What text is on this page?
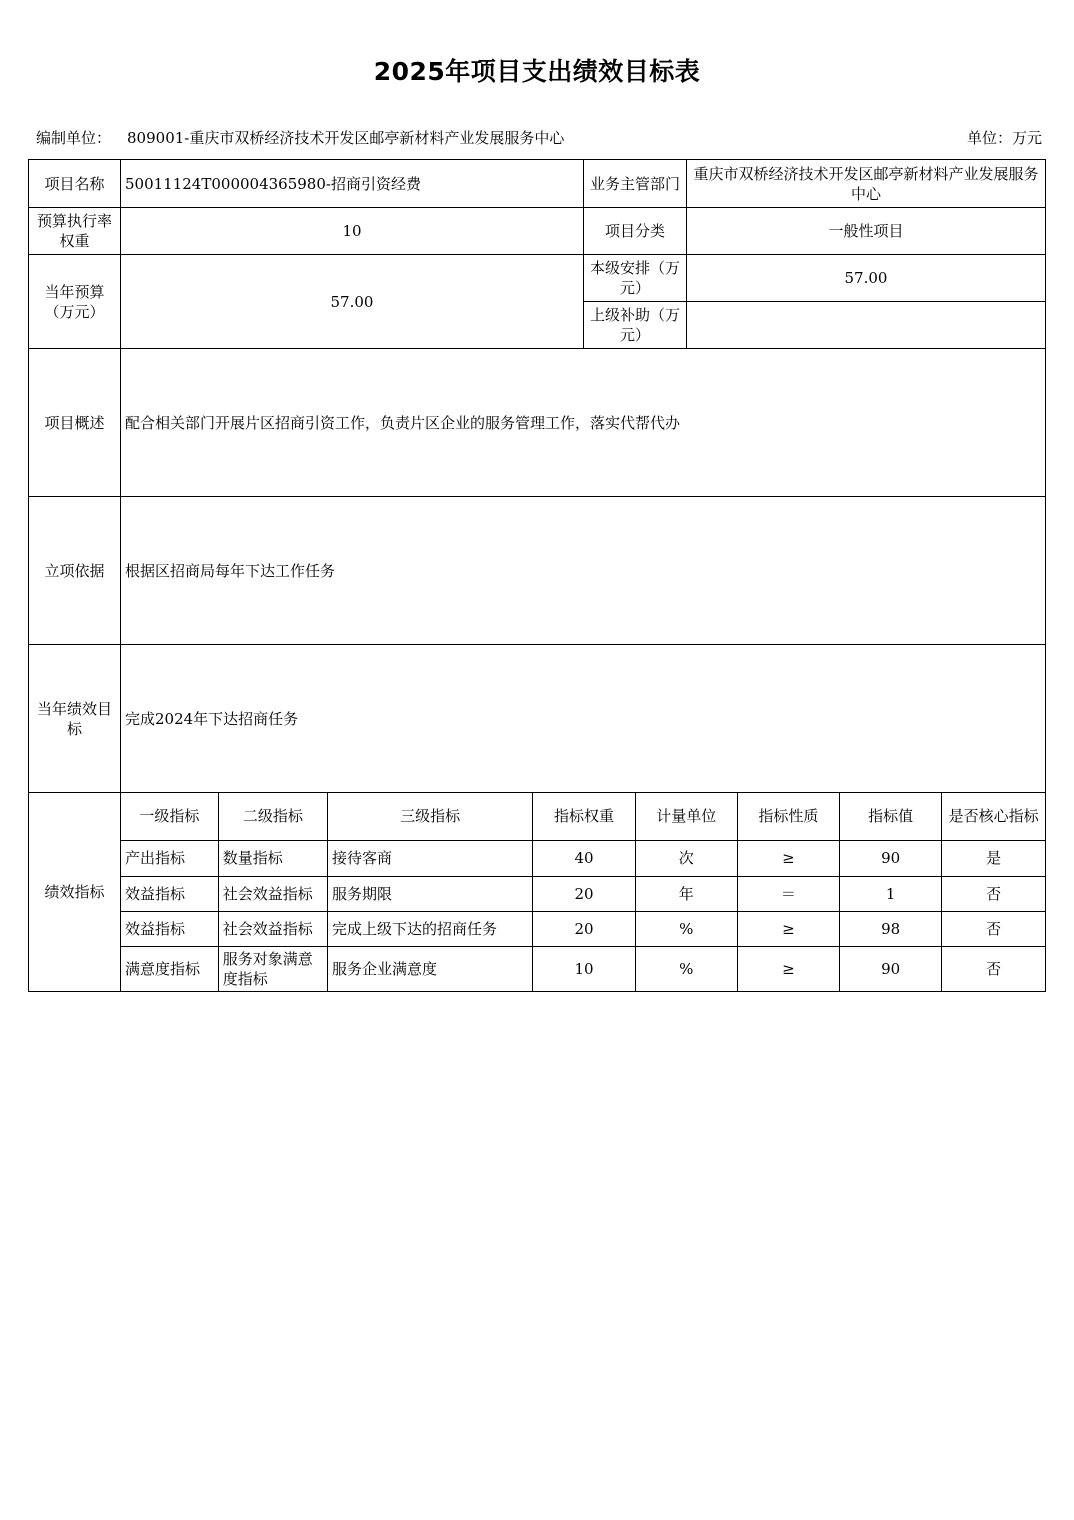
2025年项目支出绩效目标表
编制单位： 809001-重庆市双桥经济技术开发区邮亭新材料产业发展服务中心	单位：万元
项目名称	50011124T000004365980-招商引资经费	业务主管部门	重庆市双桥经济技术开发区邮亭新材料产业发展服务中心
预算执行率权重	10	项目分类	一般性项目
当年预算（万元）	57.00	本级安排（万元）	57.00
上级补助（万元）	
项目概述	配合相关部门开展片区招商引资工作，负责片区企业的服务管理工作，落实代帮代办
立项依据	根据区招商局每年下达工作任务
当年绩效目标	完成2024年下达招商任务
绩效指标	
一级指标	二级指标	三级指标	指标权重	计量单位	指标性质	指标值	是否核心指标
产出指标	数量指标	接待客商	40	次	≥	90	是
效益指标	社会效益指标	服务期限	20	年	＝	1	否
效益指标	社会效益指标	完成上级下达的招商任务	20	%	≥	98	否
满意度指标	服务对象满意度指标	服务企业满意度	10	%	≥	90	否
